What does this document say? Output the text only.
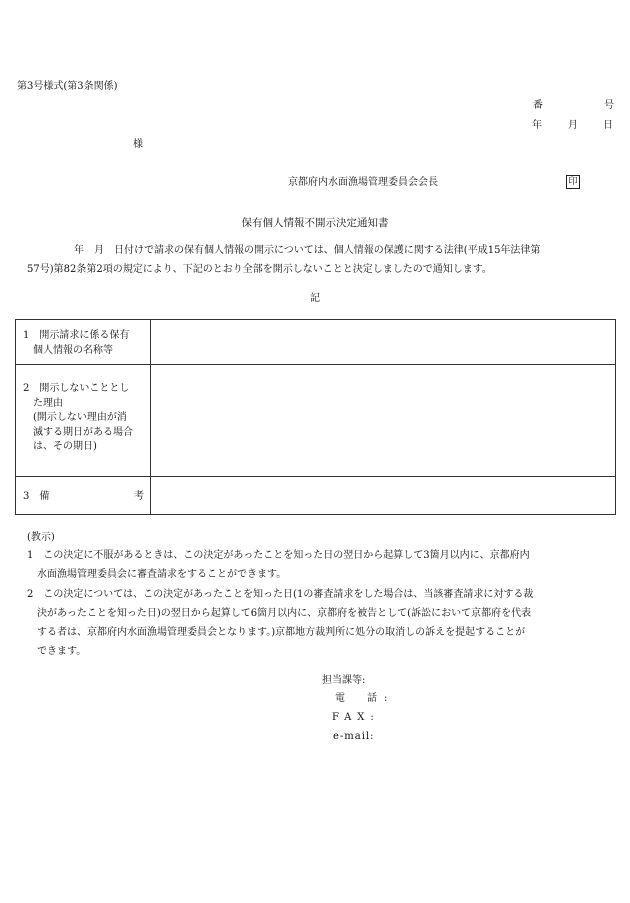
第3号様式(第3条関係)
番	号
年	月	日
様
京都府内水面漁場管理委員会会長	印
保有個人情報不開示決定通知書
年　月　日付けで請求の保有個人情報の開示については、個人情報の保護に関する法律(平成15年法律第
57号)第82条第2項の規定により、下記のとおり全部を開示しないことと決定しましたので通知します。
記
1　開示請求に係る保有
　個人情報の名称等
2　開示しないこととし
　た理由
　(開示しない理由が消
　滅する期日がある場合
　は、その期日)
3　備	考
(教示)
1　この決定に不服があるときは、この決定があったことを知った日の翌日から起算して3箇月以内に、京都府内
　水面漁場管理委員会に審査請求をすることができます。
2　この決定については、この決定があったことを知った日(1の審査請求をした場合は、当該審査請求に対する裁
　決があったことを知った日)の翌日から起算して6箇月以内に、京都府を被告として(訴訟において京都府を代表
　する者は、京都府内水面漁場管理委員会となります。)京都地方裁判所に処分の取消しの訴えを提起することが
　できます。
担当課等:
電 話 :
FAX:
e-mail:
